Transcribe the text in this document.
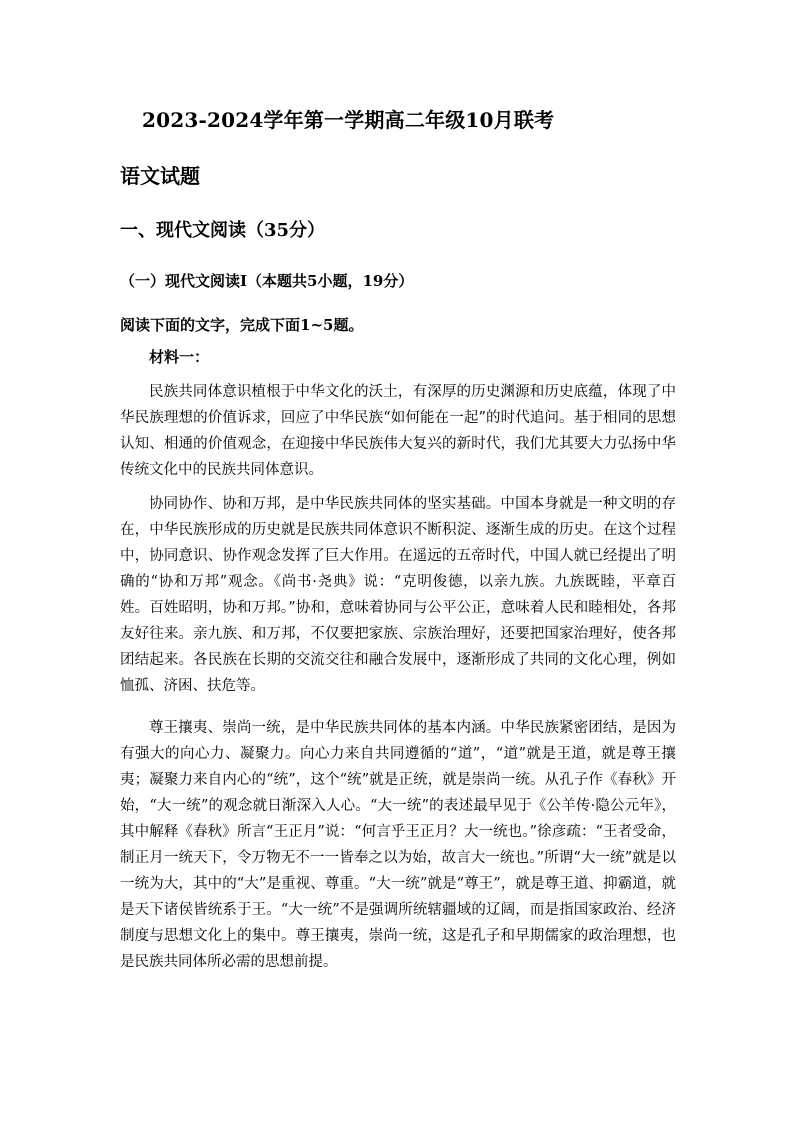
2023-2024学年第一学期高二年级10月联考
语文试题
一、现代文阅读（35分）
（一）现代文阅读Ⅰ（本题共5小题，19分）
阅读下面的文字，完成下面1~5题。
材料一：

民族共同体意识植根于中华文化的沃土，有深厚的历史渊源和历史底蕴，体现了中华民族理想的价值诉求，回应了中华民族“如何能在一起”的时代追问。基于相同的思想认知、相通的价值观念，在迎接中华民族伟大复兴的新时代，我们尤其要大力弘扬中华传统文化中的民族共同体意识。

协同协作、协和万邦，是中华民族共同体的坚实基础。中国本身就是一种文明的存在，中华民族形成的历史就是民族共同体意识不断积淀、逐渐生成的历史。在这个过程中，协同意识、协作观念发挥了巨大作用。在遥远的五帝时代，中国人就已经提出了明确的“协和万邦”观念。《尚书·尧典》说：“克明俊德，以亲九族。九族既睦，平章百姓。百姓昭明，协和万邦。”协和，意味着协同与公平公正，意味着人民和睦相处，各邦友好往来。亲九族、和万邦，不仅要把家族、宗族治理好，还要把国家治理好，使各邦团结起来。各民族在长期的交流交往和融合发展中，逐渐形成了共同的文化心理，例如恤孤、济困、扶危等。

尊王攘夷、崇尚一统，是中华民族共同体的基本内涵。中华民族紧密团结，是因为有强大的向心力、凝聚力。向心力来自共同遵循的“道”，“道”就是王道，就是尊王攘夷；凝聚力来自内心的“统”，这个“统”就是正统，就是崇尚一统。从孔子作《春秋》开始，“大一统”的观念就日渐深入人心。“大一统”的表述最早见于《公羊传·隐公元年》，其中解释《春秋》所言“王正月”说：“何言乎王正月？大一统也。”徐彦疏：“王者受命，制正月一统天下，令万物无不一一皆奉之以为始，故言大一统也。”所谓“大一统”就是以一统为大，其中的“大”是重视、尊重。“大一统”就是“尊王”，就是尊王道、抑霸道，就是天下诸侯皆统系于王。“大一统”不是强调所统辖疆域的辽阔，而是指国家政治、经济制度与思想文化上的集中。尊王攘夷，崇尚一统，这是孔子和早期儒家的政治理想，也是民族共同体所必需的思想前提。
